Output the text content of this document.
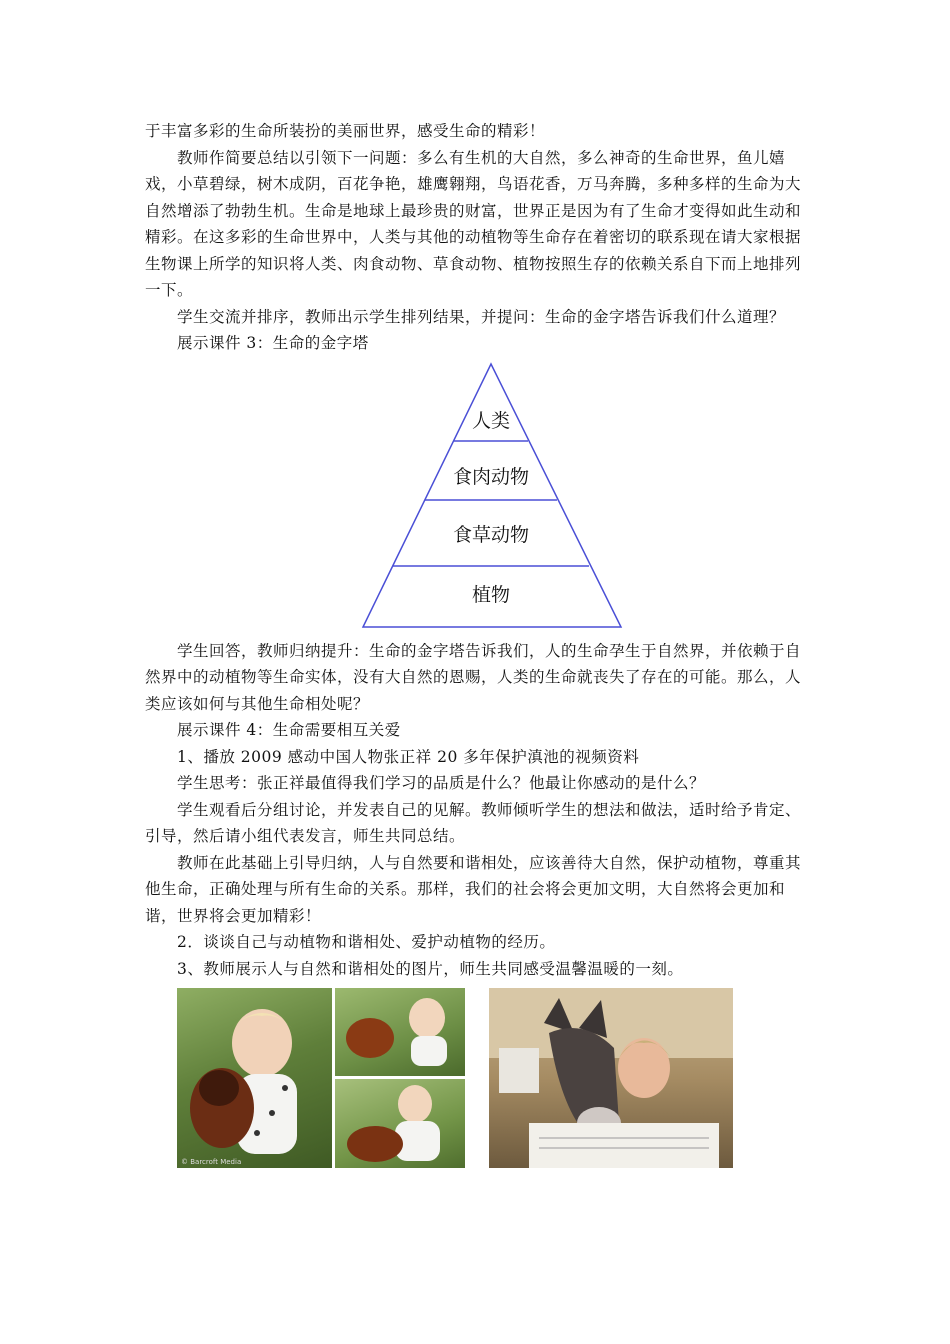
于丰富多彩的生命所装扮的美丽世界，感受生命的精彩！

教师作简要总结以引领下一问题：多么有生机的大自然，多么神奇的生命世界，鱼儿嬉戏，小草碧绿，树木成阴，百花争艳，雄鹰翱翔，鸟语花香，万马奔腾，多种多样的生命为大自然增添了勃勃生机。生命是地球上最珍贵的财富，世界正是因为有了生命才变得如此生动和精彩。在这多彩的生命世界中，人类与其他的动植物等生命存在着密切的联系现在请大家根据生物课上所学的知识将人类、肉食动物、草食动物、植物按照生存的依赖关系自下而上地排列一下。

学生交流并排序，教师出示学生排列结果，并提问：生命的金字塔告诉我们什么道理？

展示课件 3：生命的金字塔

人类
食肉动物
食草动物
植物

学生回答，教师归纳提升：生命的金字塔告诉我们，人的生命孕生于自然界，并依赖于自然界中的动植物等生命实体，没有大自然的恩赐，人类的生命就丧失了存在的可能。那么，人类应该如何与其他生命相处呢？

展示课件 4：生命需要相互关爱

1、播放 2009 感动中国人物张正祥 20 多年保护滇池的视频资料

学生思考：张正祥最值得我们学习的品质是什么？他最让你感动的是什么？

学生观看后分组讨论，并发表自己的见解。教师倾听学生的想法和做法，适时给予肯定、引导，然后请小组代表发言，师生共同总结。

教师在此基础上引导归纳，人与自然要和谐相处，应该善待大自然，保护动植物，尊重其他生命，正确处理与所有生命的关系。那样，我们的社会将会更加文明，大自然将会更加和谐，世界将会更加精彩！

2．谈谈自己与动植物和谐相处、爱护动植物的经历。

3、教师展示人与自然和谐相处的图片，师生共同感受温馨温暖的一刻。

© Barcroft Media
